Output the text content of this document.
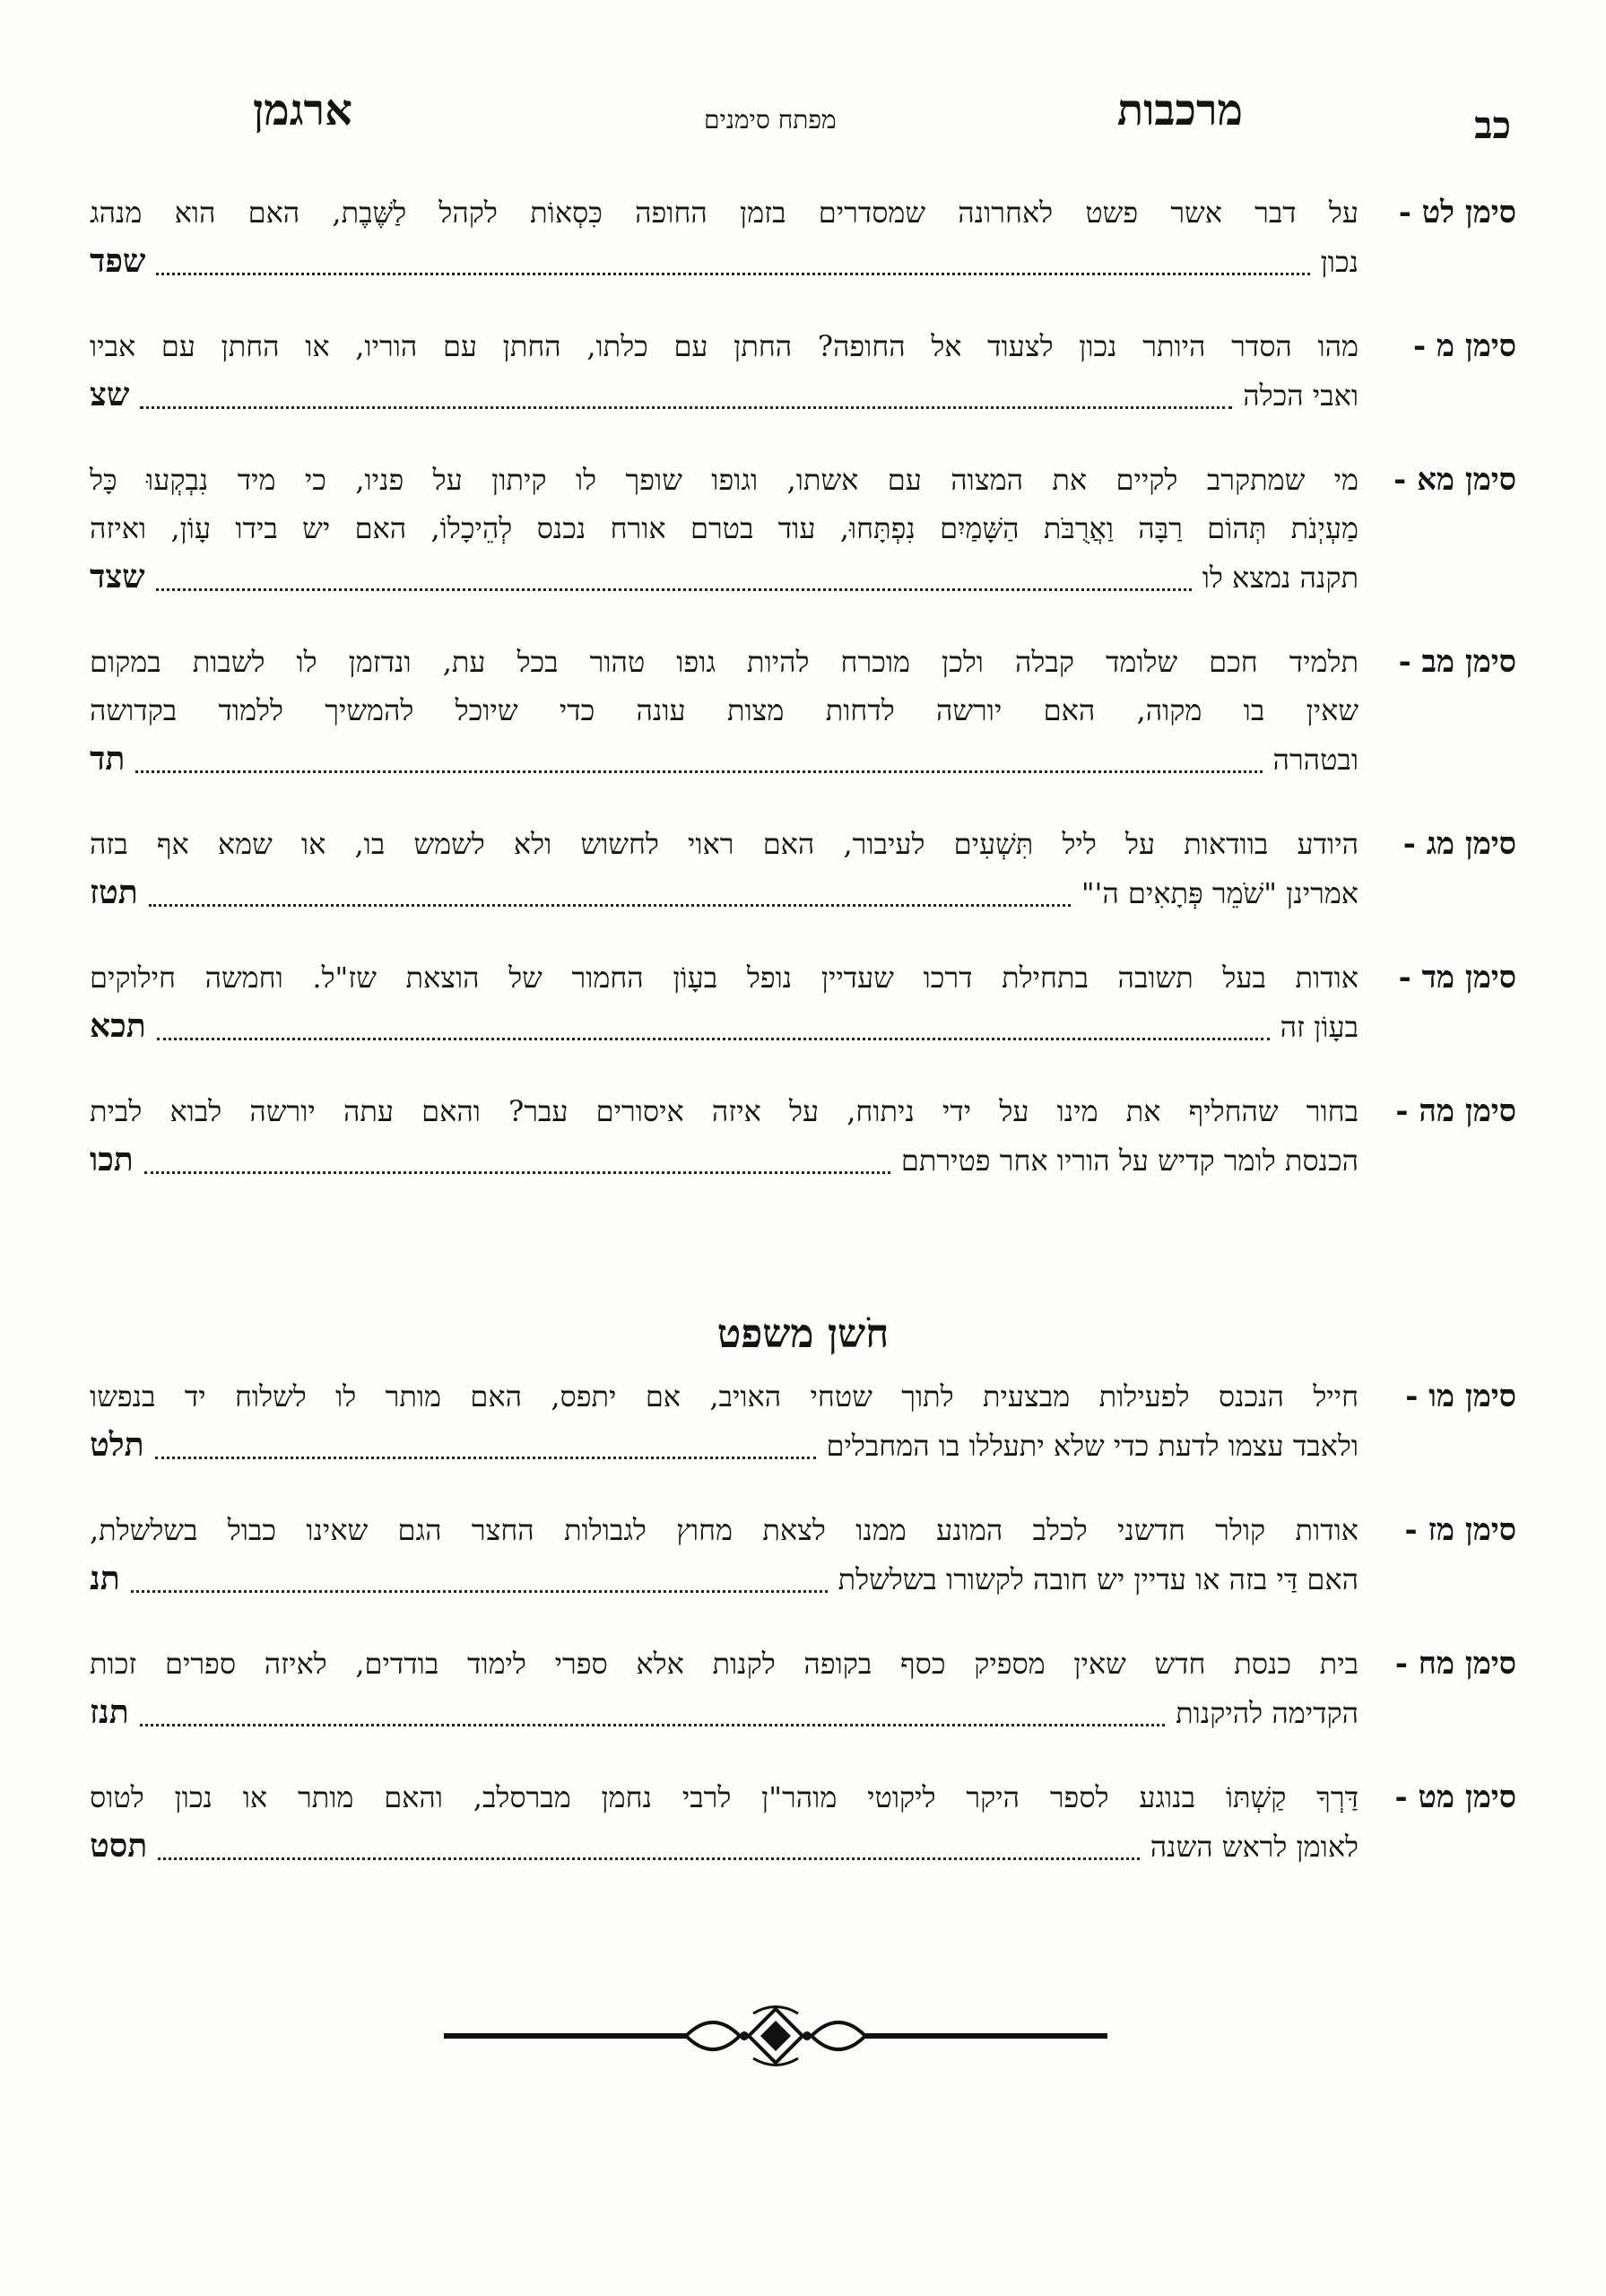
כב
מרכבות
מפתח סימנים
ארגמן
סימן לט -
על דבר אשר פשט לאחרונה שמסדרים בזמן החופה כִּסְאוֹת לקהל לַשֶּׁבֶת, האם הוא מנהג
נכון
שפד
סימן מ -
מהו הסדר היותר נכון לצעוד אל החופה? החתן עם כלתו, החתן עם הוריו, או החתן עם אביו
ואבי הכלה
שצ
סימן מא -
מי שמתקרב לקיים את המצוה עם אשתו, וגופו שופך לו קיתון על פניו, כי מיד נִבְקְעוּ כָּל
מַעְיְנֹת תְּהוֹם רַבָּה וַאֲרֻבֹּת הַשָּׁמַיִם נִפְתָּחוּ, עוד בטרם אורח נכנס לְהֵיכָלוֹ, האם יש בידו עָוֹן, ואיזה
תקנה נמצא לו
שצד
סימן מב -
תלמיד חכם שלומד קבלה ולכן מוכרח להיות גופו טהור בכל עת, ונדזמן לו לשבות במקום
שאין בו מקוה, האם יורשה לדחות מצות עונה כדי שיוכל להמשיך ללמוד בקדושה
ובטהרה
תד
סימן מג -
היודע בוודאות על ליל תִּשְׁעִים לעיבור, האם ראוי לחשוש ולא לשמש בו, או שמא אף בזה
אמרינן "שֹׁמֵר פְּתָאִים ה'"
תטז
סימן מד -
אודות בעל תשובה בתחילת דרכו שעדיין נופל בעָוֹן החמור של הוצאת שז"ל. וחמשה חילוקים
בעָוֹן זה
תכא
סימן מה -
בחור שהחליף את מינו על ידי ניתוח, על איזה איסורים עבר? והאם עתה יורשה לבוא לבית
הכנסת לומר קדיש על הוריו אחר פטירתם
תכו
חֹשן משפט
סימן מו -
חייל הנכנס לפעילות מבצעית לתוך שטחי האויב, אם יתפס, האם מותר לו לשלוח יד בנפשו
ולאבד עצמו לדעת כדי שלא יתעללו בו המחבלים
תלט
סימן מז -
אודות קולר חדשני לכלב המונע ממנו לצאת מחוץ לגבולות החצר הגם שאינו כבול בשלשלת,
האם דַּי בזה או עדיין יש חובה לקשורו בשלשלת
תנ
סימן מח -
בית כנסת חדש שאין מספיק כסף בקופה לקנות אלא ספרי לימוד בודדים, לאיזה ספרים זכות
הקדימה להיקנות
תנז
סימן מט -
דַּרְךָ קַשְׁתּוֹ בנוגע לספר היקר ליקוטי מוהר"ן לרבי נחמן מברסלב, והאם מותר או נכון לטוס
לאומן לראש השנה
תסט
